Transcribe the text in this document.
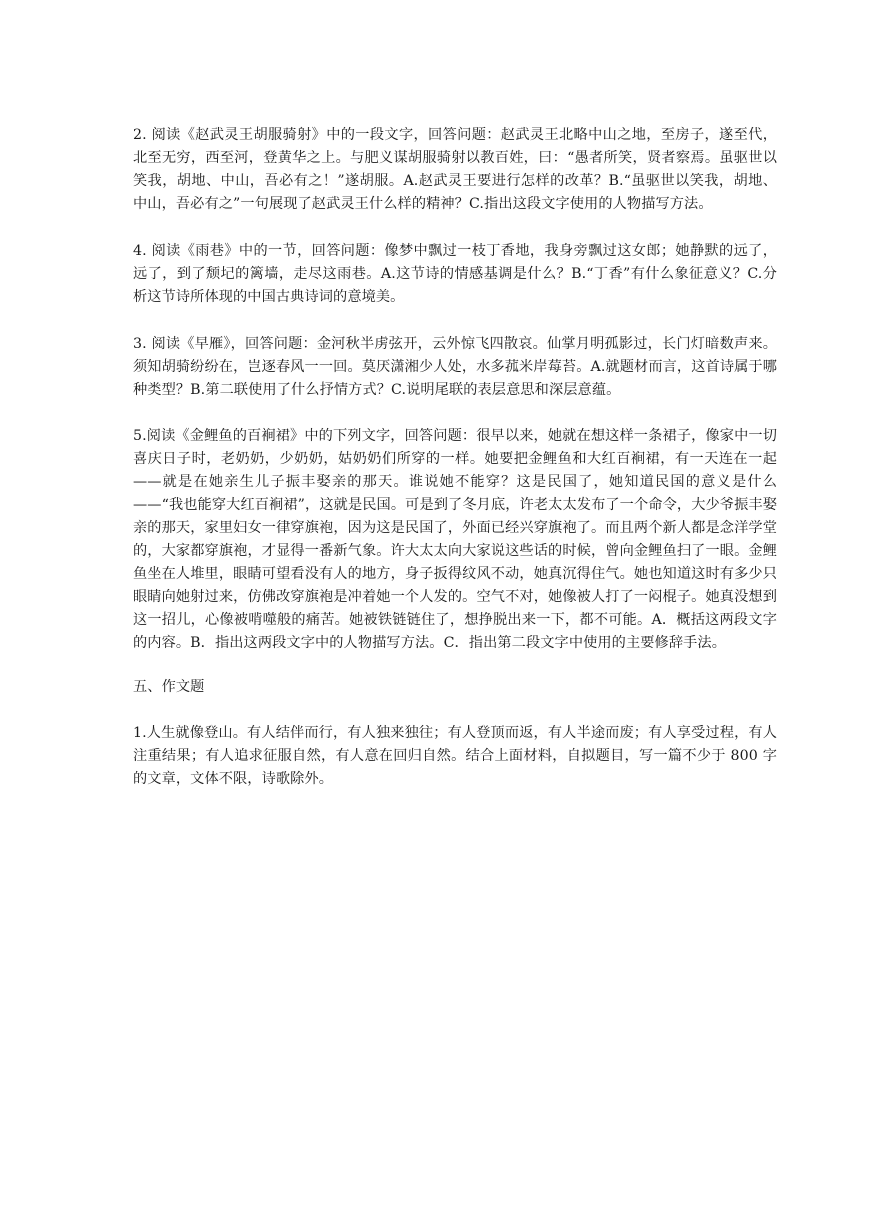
2. 阅读《赵武灵王胡服骑射》中的一段文字，回答问题：赵武灵王北略中山之地，至房子，遂至代，北至无穷，西至河，登黄华之上。与肥义谋胡服骑射以教百姓，曰：“愚者所笑，贤者察焉。虽驱世以笑我，胡地、中山，吾必有之！”遂胡服。A.赵武灵王要进行怎样的改革？B.“虽驱世以笑我，胡地、中山，吾必有之”一句展现了赵武灵王什么样的精神？C.指出这段文字使用的人物描写方法。

4. 阅读《雨巷》中的一节，回答问题：像梦中飘过一枝丁香地，我身旁飘过这女郎；她静默的远了，远了，到了颓圮的篱墙，走尽这雨巷。A.这节诗的情感基调是什么？B.“丁香”有什么象征意义？C.分析这节诗所体现的中国古典诗词的意境美。

3. 阅读《早雁》，回答问题：金河秋半虏弦开，云外惊飞四散哀。仙掌月明孤影过，长门灯暗数声来。须知胡骑纷纷在，岂逐春风一一回。莫厌潇湘少人处，水多菰米岸莓苔。A.就题材而言，这首诗属于哪种类型？B.第二联使用了什么抒情方式？C.说明尾联的表层意思和深层意蕴。

5.阅读《金鲤鱼的百裥裙》中的下列文字，回答问题：很早以来，她就在想这样一条裙子，像家中一切喜庆日子时，老奶奶，少奶奶，姑奶奶们所穿的一样。她要把金鲤鱼和大红百裥裙，有一天连在一起——就是在她亲生儿子振丰娶亲的那天。谁说她不能穿？这是民国了，她知道民国的意义是什么——“我也能穿大红百裥裙”，这就是民国。可是到了冬月底，许老太太发布了一个命令，大少爷振丰娶亲的那天，家里妇女一律穿旗袍，因为这是民国了，外面已经兴穿旗袍了。而且两个新人都是念洋学堂的，大家都穿旗袍，才显得一番新气象。许大太太向大家说这些话的时候，曾向金鲤鱼扫了一眼。金鲤鱼坐在人堆里，眼睛可望看没有人的地方，身子扳得纹风不动，她真沉得住气。她也知道这时有多少只眼睛向她射过来，仿佛改穿旗袍是冲着她一个人发的。空气不对，她像被人打了一闷棍子。她真没想到这一招儿，心像被啃噬般的痛苦。她被铁链链住了，想挣脱出来一下，都不可能。A．概括这两段文字的内容。B．指出这两段文字中的人物描写方法。C．指出第二段文字中使用的主要修辞手法。

五、作文题

1.人生就像登山。有人结伴而行，有人独来独往；有人登顶而返，有人半途而废；有人享受过程，有人注重结果；有人追求征服自然，有人意在回归自然。结合上面材料，自拟题目，写一篇不少于 800 字的文章，文体不限，诗歌除外。
